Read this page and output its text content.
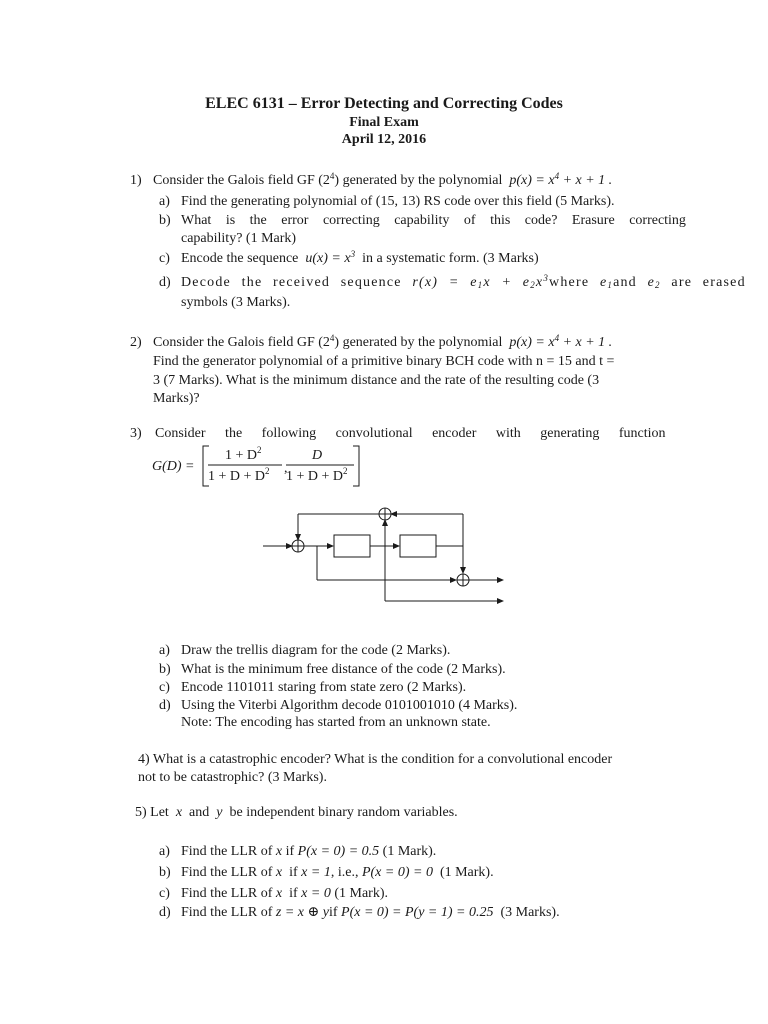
ELEC 6131 – Error Detecting and Correcting Codes
Final Exam
April 12, 2016
1) Consider the Galois field GF $(2^4)$ generated by the polynomial $p(x) = x^4 + x + 1$ .
a) Find the generating polynomial of (15, 13) RS code over this field (5 Marks).
b) What is the error correcting capability of this code? Erasure correcting
capability? (1 Mark)
c) Encode the sequence $u(x) = x^3$ in a systematic form. (3 Marks)
d) Decode the received sequence $r(x) = e_1x$ + $e_2x^3where$ $e_1and$ $e_2$ are erased
symbols (3 Marks).
2) Consider the Galois field GF $(2^4)$ generated by the polynomial $p(x) = x^4 + x + 1$ .
Find the generator polynomial of a primitive binary BCH code with n = 15 and t =
3 (7 Marks). What is the minimum distance and the rate of the resulting code (3
Marks)?
3) Consider the following convolutional encoder with generating function
G(D) =
$1 + D^2$
$1 + D + D^2$ ,
D
$1 + D + D^2$
a) Draw the trellis diagram for the code (2 Marks).
b) What is the minimum free distance of the code (2 Marks).
c) Encode 1101011 staring from state zero (2 Marks).
d) Using the Viterbi Algorithm decode 0101001010 (4 Marks).
Note: The encoding has started from an unknown state.
4) What is a catastrophic encoder? What is the condition for a convolutional encoder
not to be catastrophic? (3 Marks).
5) Let x and y be independent binary random variables.
a) Find the LLR of x if P(x = 0) = 0.5 (1 Mark).
b) Find the LLR of x if x = 1, i.e., P(x = 0) = 0 (1 Mark).
c) Find the LLR of x if x = 0 (1 Mark).
d) Find the LLR of z = x ⊕ yif P(x = 0) = P(y = 1) = 0.25 (3 Marks).
